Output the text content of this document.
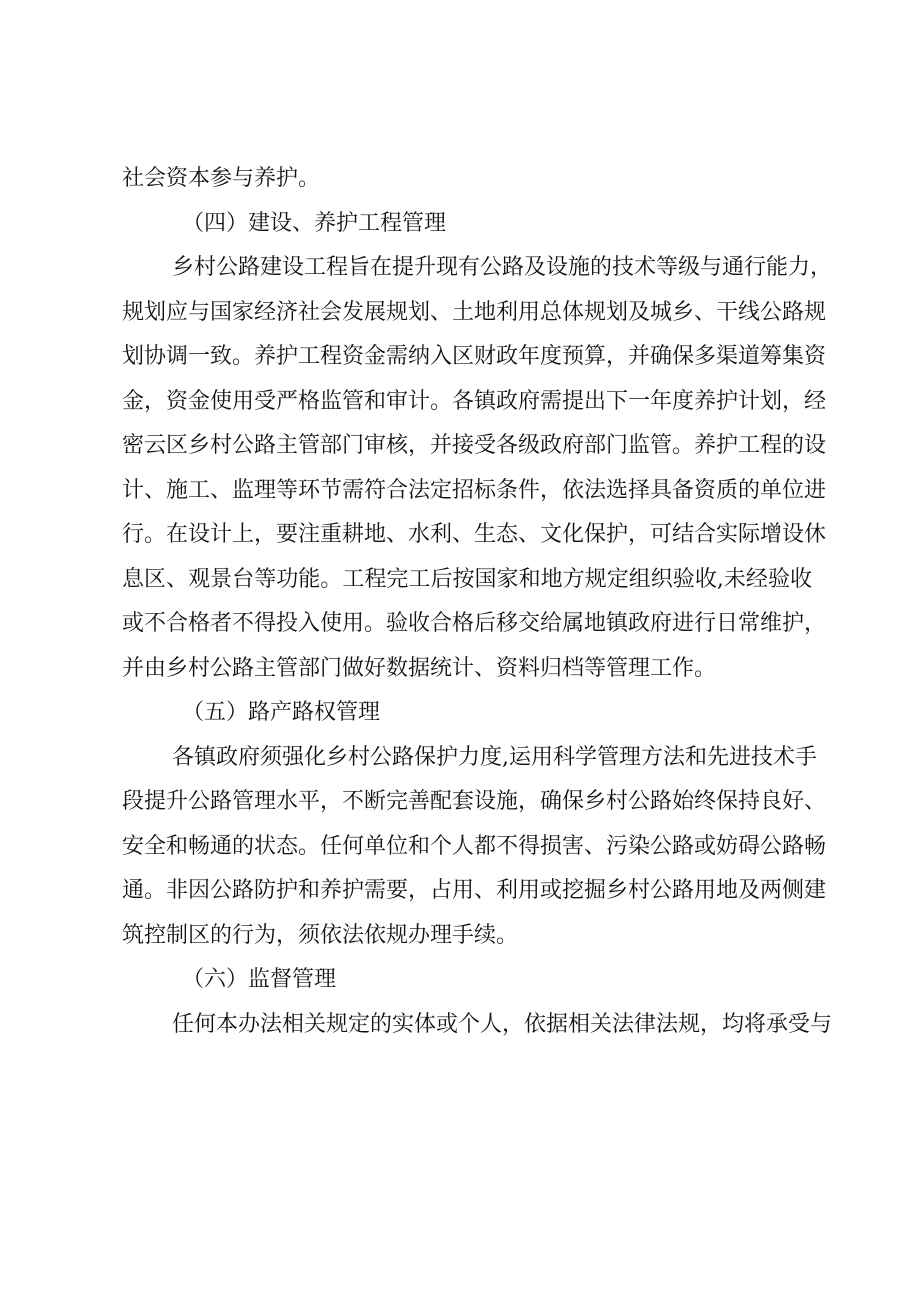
社会资本参与养护。
（四）建设、养护工程管理
乡村公路建设工程旨在提升现有公路及设施的技术等级与通行能力，
规划应与国家经济社会发展规划、土地利用总体规划及城乡、干线公路规
划协调一致。养护工程资金需纳入区财政年度预算，并确保多渠道筹集资
金，资金使用受严格监管和审计。各镇政府需提出下一年度养护计划，经
密云区乡村公路主管部门审核，并接受各级政府部门监管。养护工程的设
计、施工、监理等环节需符合法定招标条件，依法选择具备资质的单位进
行。在设计上，要注重耕地、水利、生态、文化保护，可结合实际增设休
息区、观景台等功能。工程完工后按国家和地方规定组织验收,未经验收
或不合格者不得投入使用。验收合格后移交给属地镇政府进行日常维护，
并由乡村公路主管部门做好数据统计、资料归档等管理工作。
（五）路产路权管理
各镇政府须强化乡村公路保护力度,运用科学管理方法和先进技术手
段提升公路管理水平，不断完善配套设施，确保乡村公路始终保持良好、
安全和畅通的状态。任何单位和个人都不得损害、污染公路或妨碍公路畅
通。非因公路防护和养护需要，占用、利用或挖掘乡村公路用地及两侧建
筑控制区的行为，须依法依规办理手续。
（六）监督管理
任何本办法相关规定的实体或个人，依据相关法律法规，均将承受与
